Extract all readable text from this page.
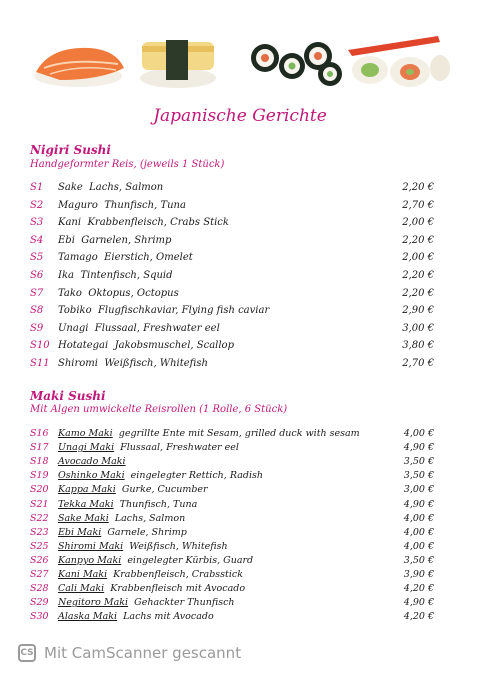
Japanische Gerichte
Nigiri Sushi
Handgeformter Reis, (jeweils 1 Stück)
S1 Sake Lachs, Salmon	2,20 €
S2 Maguro Thunfisch, Tuna	2,70 €
S3 Kani Krabbenfleisch, Crabs Stick	2,00 €
S4 Ebi Garnelen, Shrimp	2,20 €
S5 Tamago Eierstich, Omelet	2,00 €
S6 Ika Tintenfisch, Squid	2,20 €
S7 Tako Oktopus, Octopus	2,20 €
S8 Tobiko Flugfischkaviar, Flying fish caviar	2,90 €
S9 Unagi Flussaal, Freshwater eel	3,00 €
S10 Hotategai Jakobsmuschel, Scallop	3,80 €
S11 Shiromi Weißfisch, Whitefish	2,70 €
Maki Sushi
Mit Algen umwickelte Reisrollen (1 Rolle, 6 Stück)
S16 Kamo Maki gegrillte Ente mit Sesam, grilled duck with sesam	4,00 €
S17 Unagi Maki Flussaal, Freshwater eel	4,90 €
S18 Avocado Maki	3,50 €
S19 Oshinko Maki eingelegter Rettich, Radish	3,50 €
S20 Kappa Maki Gurke, Cucumber	3,00 €
S21 Tekka Maki Thunfisch, Tuna	4,90 €
S22 Sake Maki Lachs, Salmon	4,00 €
S23 Ebi Maki Garnele, Shrimp	4,00 €
S25 Shiromi Maki Weißfisch, Whitefish	4,00 €
S26 Kanpyo Maki eingelegter Kürbis, Guard	3,50 €
S27 Kani Maki Krabbenfleisch, Crabsstick	3,90 €
S28 Cali Maki Krabbenfleisch mit Avocado	4,20 €
S29 Negitoro Maki Gehackter Thunfisch	4,90 €
S30 Alaska Maki Lachs mit Avocado	4,20 €
CS Mit CamScanner gescannt
